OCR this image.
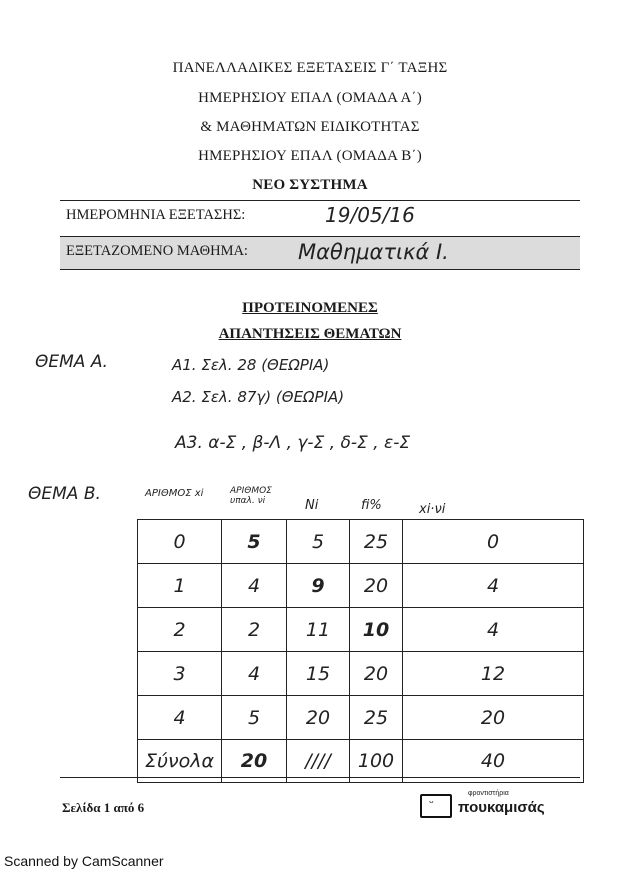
ΠΑΝΕΛΛΑΔΙΚΕΣ ΕΞΕΤΑΣΕΙΣ Γ΄ ΤΑΞΗΣ
ΗΜΕΡΗΣΙΟΥ ΕΠΑΛ (ΟΜΑΔΑ Α΄)
& ΜΑΘΗΜΑΤΩΝ ΕΙΔΙΚΟΤΗΤΑΣ
ΗΜΕΡΗΣΙΟΥ ΕΠΑΛ (ΟΜΑΔΑ Β΄)
ΝΕΟ ΣΥΣΤΗΜΑ
ΗΜΕΡΟΜΗΝΙΑ ΕΞΕΤΑΣΗΣ:	19/05/16
ΕΞΕΤΑΖΟΜΕΝΟ ΜΑΘΗΜΑ: Μαθηματικά Ι.
ΠΡΟΤΕΙΝΟΜΕΝΕΣ
ΑΠΑΝΤΗΣΕΙΣ ΘΕΜΑΤΩΝ
ΘΕΜΑ Α.	Α1. Σελ. 28 (ΘΕΩΡΙΑ)
Α2. Σελ. 87γ) (ΘΕΩΡΙΑ)
Α3. α-Σ , β-Λ , γ-Σ , δ-Σ , ε-Σ
ΘΕΜΑ Β.	ΑΡΙΘΜΟΣ xi	ΑΡΙΘΜΟΣ υπαλ. νi	Νi	fi%	xi·νi
0	5	5	25	0
1	4	9	20	4
2	2	11	10	4
3	4	15	20	12
4	5	20	25	20
Σύνολα	20	////	100	40
Σελίδα 1 από 6	ᵕ
φροντιστήρια
πουκαμισάς
Scanned by CamScanner
